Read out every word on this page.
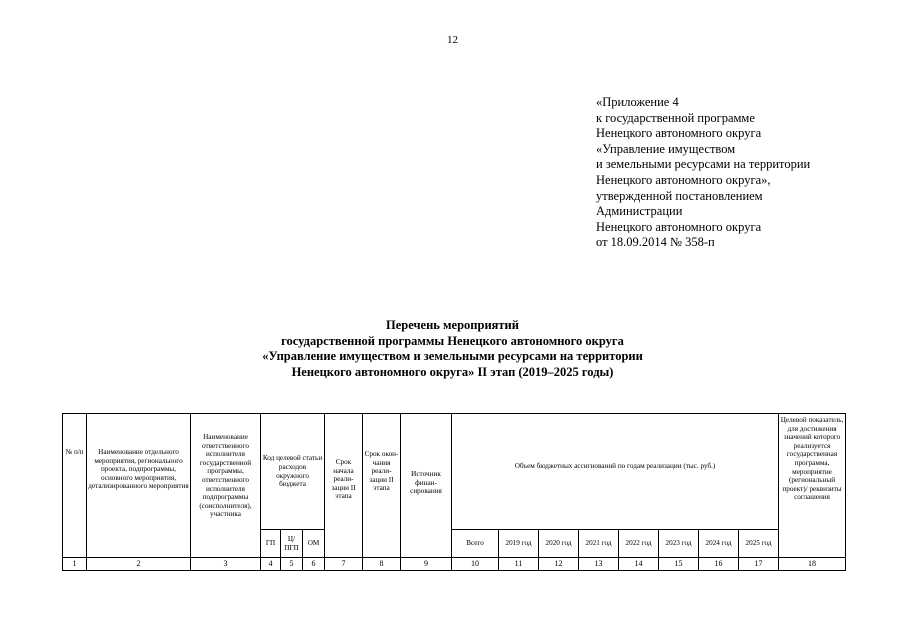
12
«Приложение 4
к государственной программе
Ненецкого автономного округа
«Управление имуществом
и земельными ресурсами на территории
Ненецкого автономного округа»,
утвержденной постановлением
Администрации
Ненецкого автономного округа
от 18.09.2014 № 358-п
Перечень мероприятий
государственной программы Ненецкого автономного округа
«Управление имуществом и земельными ресурсами на территории
Ненецкого автономного округа» II этап (2019–2025 годы)
№ п/п	Наименование отдельного мероприятия, регионального проекта, подпрограммы, основного мероприятия, детализированного мероприятия	Наименование ответственного исполнителя государственной программы, ответственного исполнителя подпрограммы (соисполнителя), участника	Код целевой статьи расходов окружного бюджета			Срок начала реали-зации II этапа	Срок окон-чания реали-зации II этапа	Источник финан-сирования	Объем бюджетных ассигнований по годам реализации (тыс. руб.)								Целевой показатель, для достижения значений которого реализуется государственная программа, мероприятие (региональный проект)/ реквизиты соглашения
			ГП	Ц/ ПГП	ОМ				Всего	2019 год	2020 год	2021 год	2022 год	2023 год	2024 год	2025 год	
1	2	3	4	5	6	7	8	9	10	11	12	13	14	15	16	17	18
